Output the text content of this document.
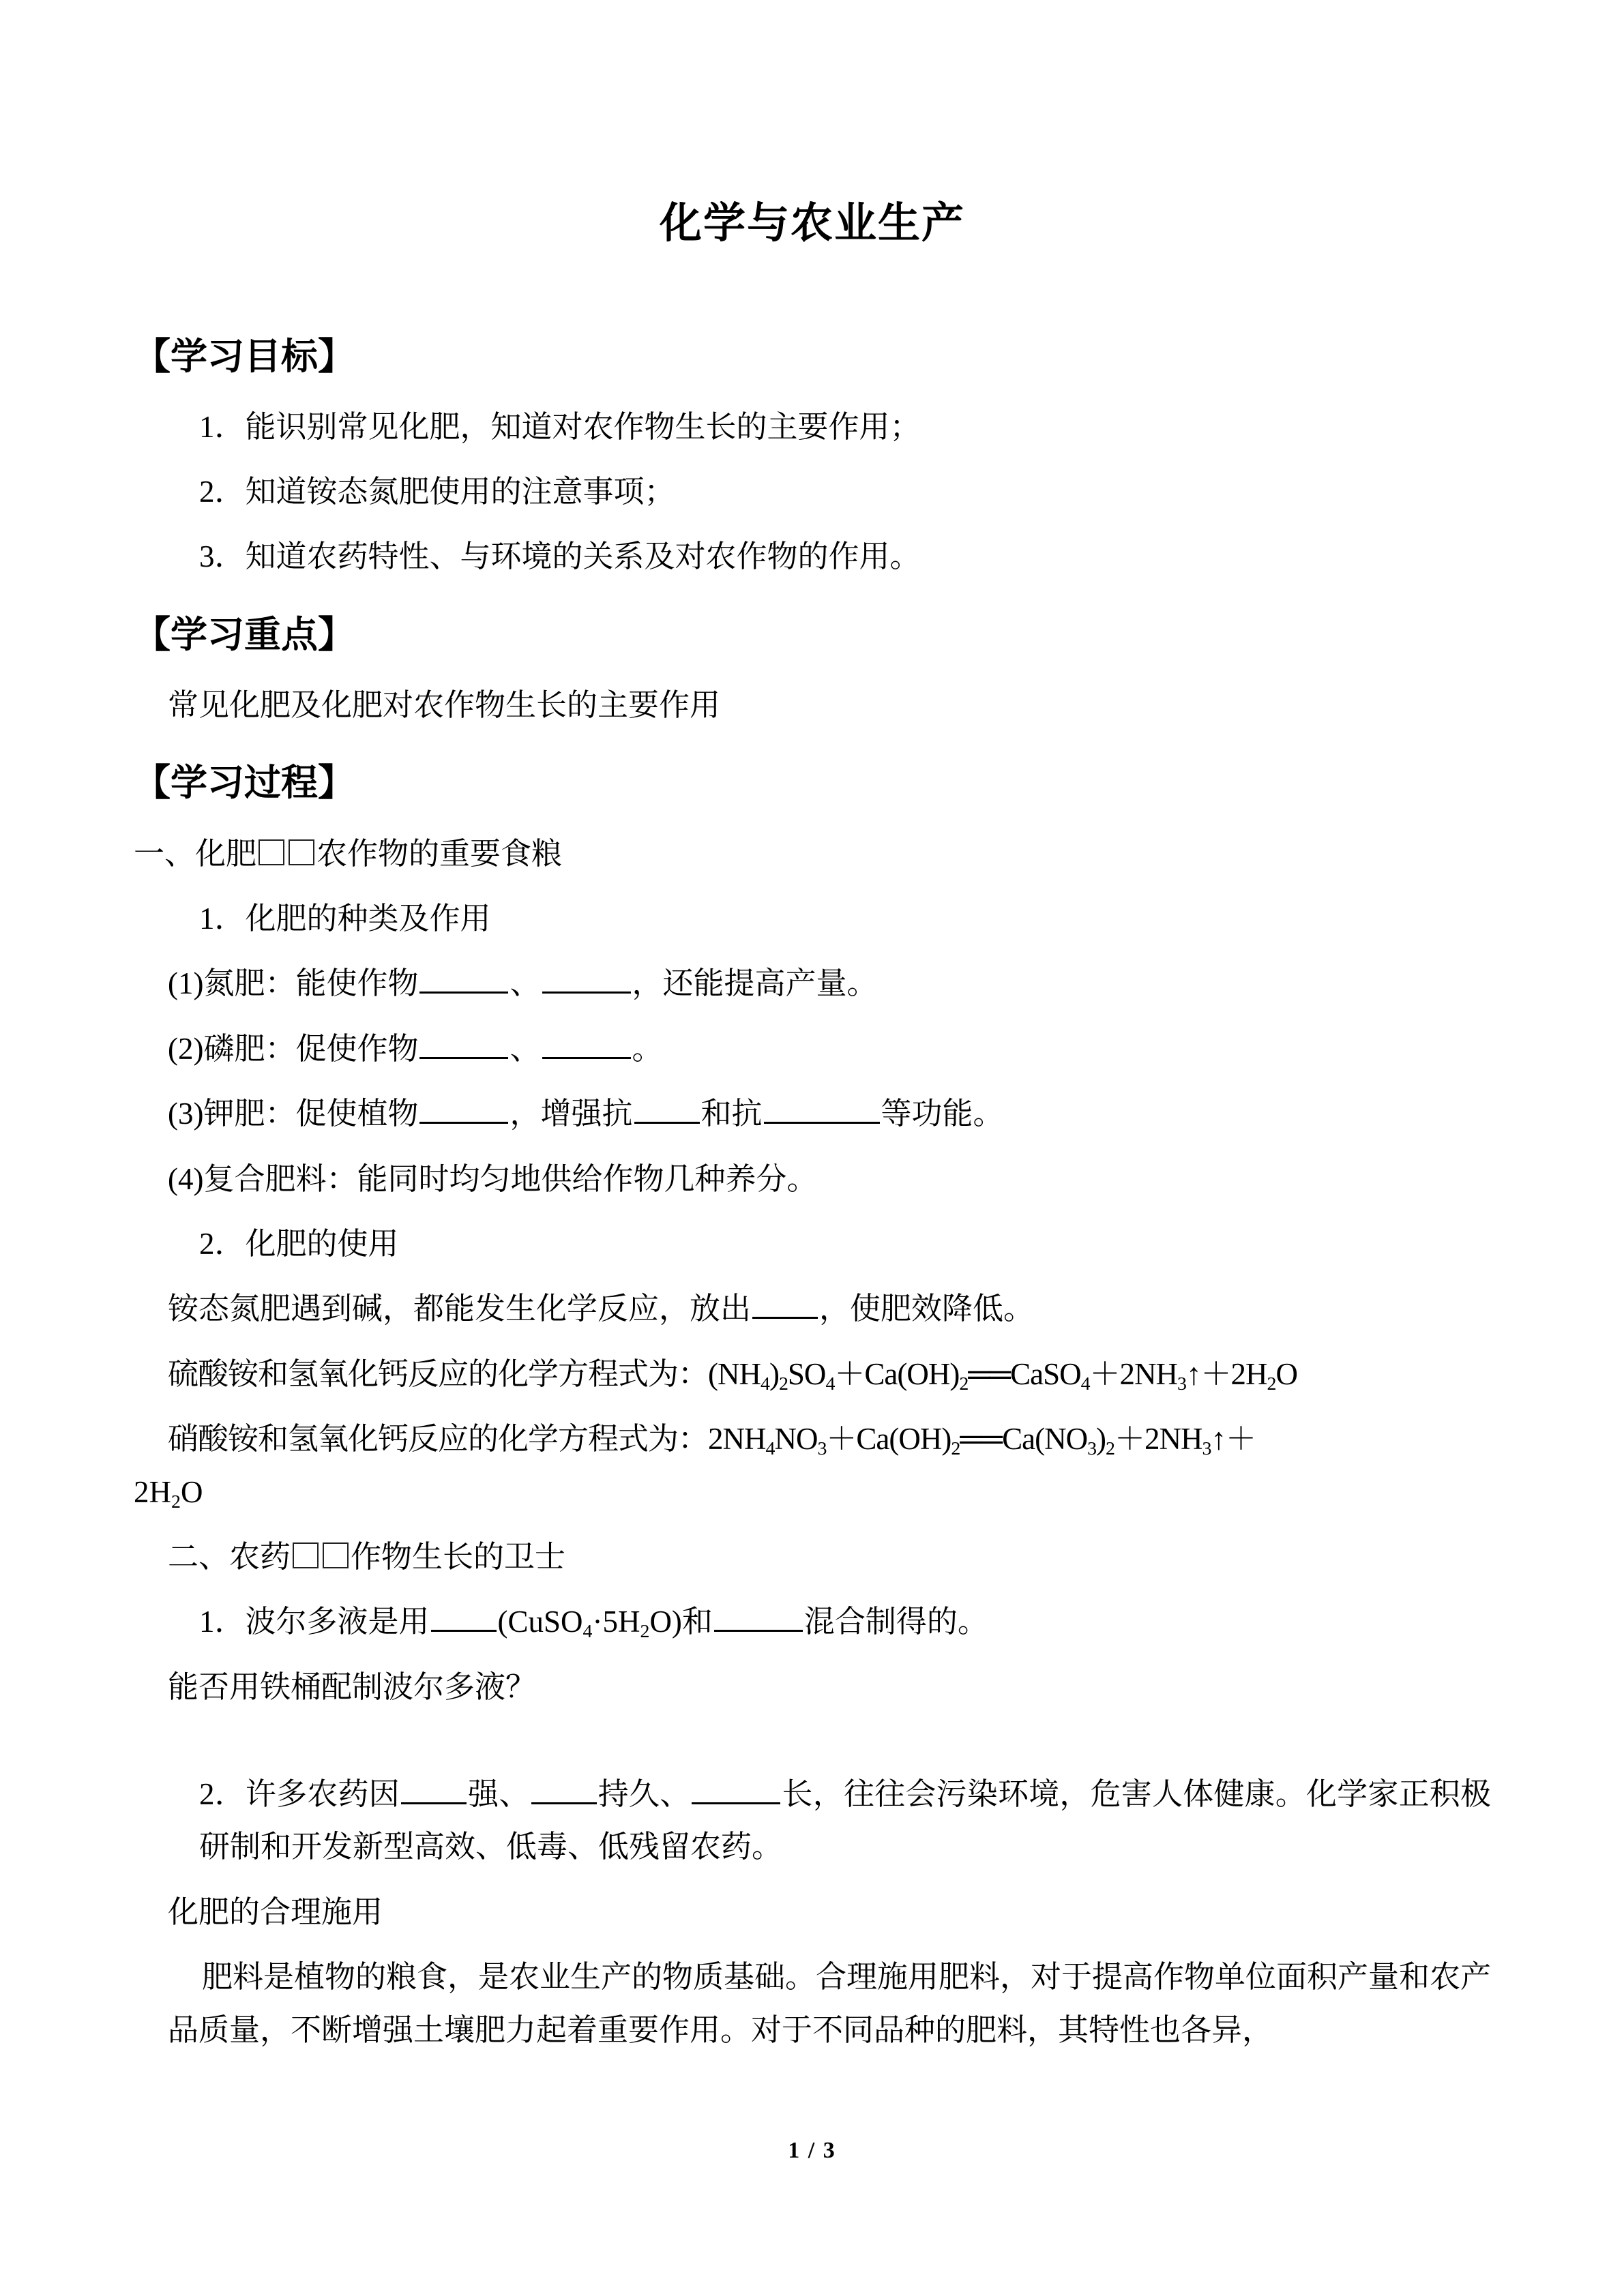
化学与农业生产
【学习目标】

1．能识别常见化肥，知道对农作物生长的主要作用；

2．知道铵态氮肥使用的注意事项；

3．知道农药特性、与环境的关系及对农作物的作用。

【学习重点】

常见化肥及化肥对农作物生长的主要作用

【学习过程】

一、化肥 农作物的重要食粮

1．化肥的种类及作用

(1)氮肥：能使作物	、	，还能提高产量。

(2)磷肥：促使作物	、	。

(3)钾肥：促使植物	，增强抗 和抗	等功能。

(4)复合肥料：能同时均匀地供给作物几种养分。

2．化肥的使用

铵态氮肥遇到碱，都能发生化学反应，放出 ，使肥效降低。

硫酸铵和氢氧化钙反应的化学方程式为：$(NH_4)_2SO_4+Ca(OH)_2══CaSO_4+2NH_3↑+2H_2O$

硝酸铵和氢氧化钙反应的化学方程式为：$2NH_4NO_3+Ca(OH)_2══Ca(NO_3)_2+2NH_3↑+$

$2H_2O$

二、农药 作物生长的卫士

1．波尔多液是用 $(CuSO_4\cdot 5H_2O)$和	混合制得的。

能否用铁桶配制波尔多液？

2．许多农药因 强、 持久、	长，往往会污染环境，危害人体健康。化学家正积极研制和开发新型高效、低毒、低残留农药。

化肥的合理施用

肥料是植物的粮食，是农业生产的物质基础。合理施用肥料，对于提高作物单位面积产量和农产品质量，不断增强土壤肥力起着重要作用。对于不同品种的肥料，其特性也各异，

1 / 3
